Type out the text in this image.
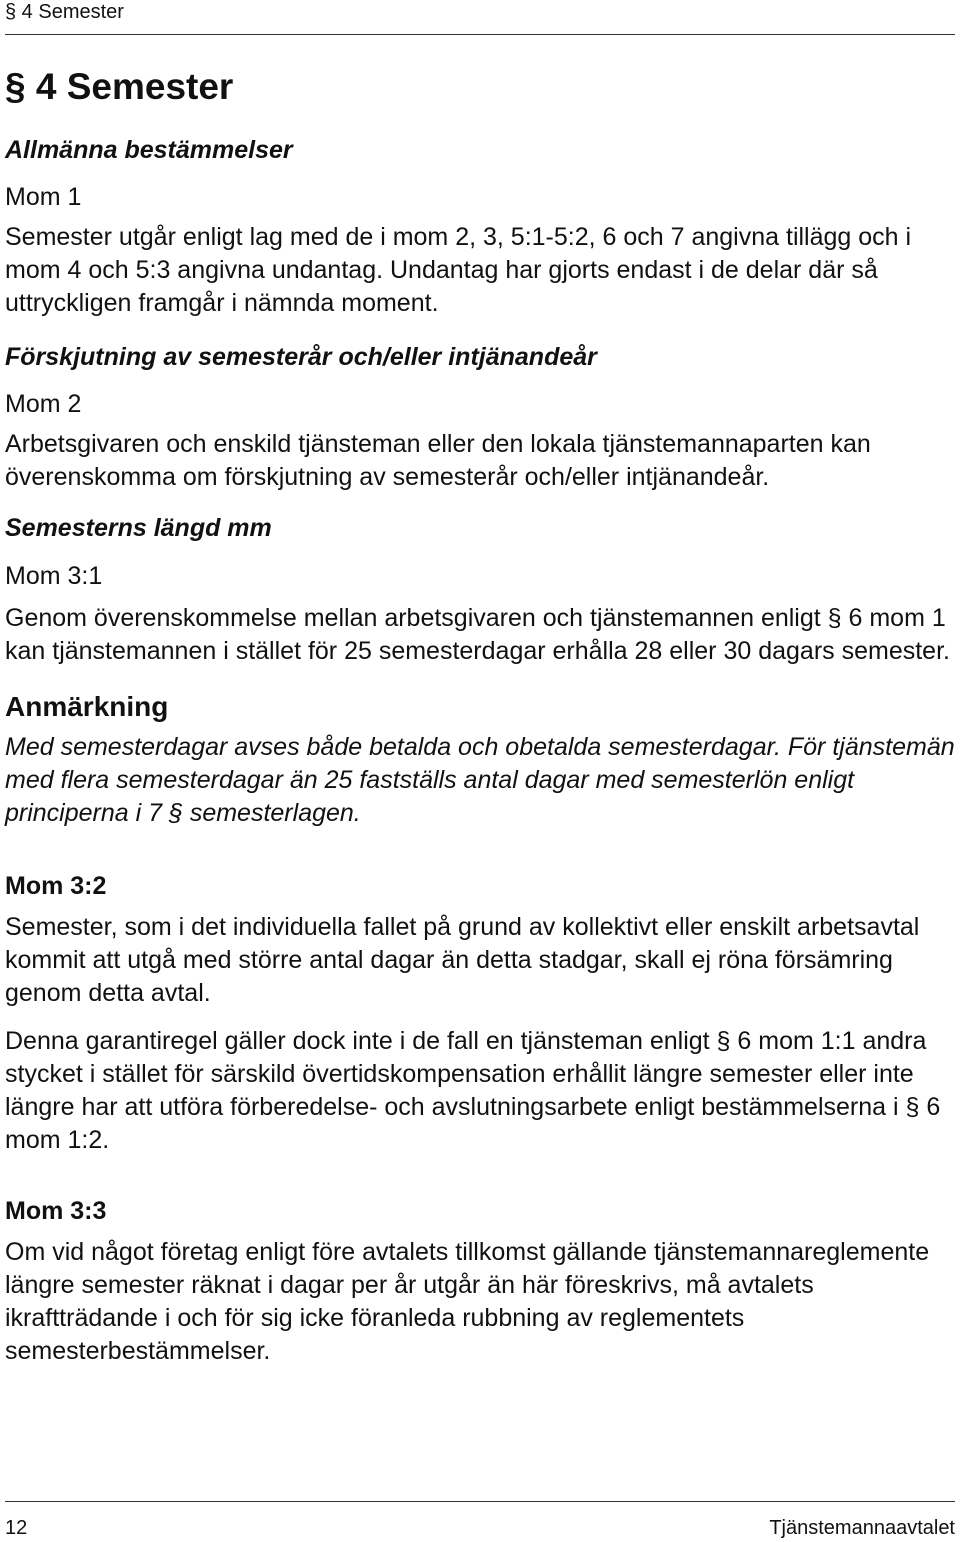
§ 4 Semester
§ 4 Semester
Allmänna bestämmelser
Mom 1

Semester utgår enligt lag med de i mom 2, 3, 5:1-5:2, 6 och 7 angivna tillägg och i mom 4 och 5:3 angivna undantag. Undantag har gjorts endast i de delar där så uttryckligen framgår i nämnda moment.

Förskjutning av semesterår och/eller intjänandeår
Mom 2

Arbetsgivaren och enskild tjänsteman eller den lokala tjänstemannaparten kan överenskomma om förskjutning av semesterår och/eller intjänandeår.

Semesterns längd mm
Mom 3:1

Genom överenskommelse mellan arbetsgivaren och tjänstemannen enligt § 6 mom 1 kan tjänstemannen i stället för 25 semesterdagar erhålla 28 eller 30 dagars semester.

Anmärkning

Med semesterdagar avses både betalda och obetalda semesterdagar. För tjänstemän med flera semesterdagar än 25 fastställs antal dagar med semesterlön enligt principerna i 7 § semesterlagen.

Mom 3:2

Semester, som i det individuella fallet på grund av kollektivt eller enskilt arbetsavtal kommit att utgå med större antal dagar än detta stadgar, skall ej röna försämring genom detta avtal.

Denna garantiregel gäller dock inte i de fall en tjänsteman enligt § 6 mom 1:1 andra stycket i stället för särskild övertidskompensation erhållit längre semester eller inte längre har att utföra förberedelse- och avslutningsarbete enligt bestämmelserna i § 6 mom 1:2.

Mom 3:3

Om vid något företag enligt före avtalets tillkomst gällande tjänstemannareglemente längre semester räknat i dagar per år utgår än här föreskrivs, må avtalets ikraftträdande i och för sig icke föranleda rubbning av reglementets semesterbestämmelser.

12	Tjänstemannaavtalet
